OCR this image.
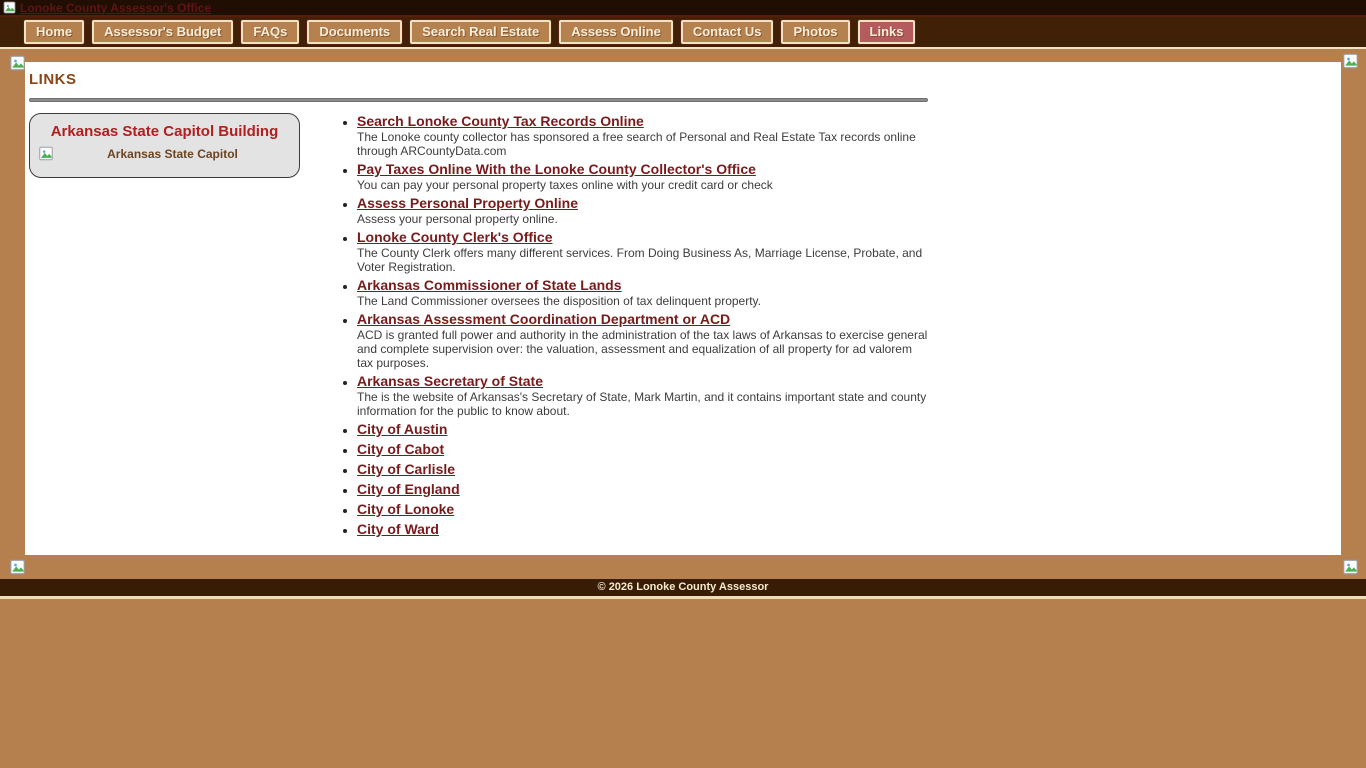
Lonoke County Assessor's Office
Home Assessor's Budget FAQs Documents Search Real Estate Assess Online Contact Us Photos Links
LINKS
Arkansas State Capitol Building
Arkansas State Capitol
• Search Lonoke County Tax Records Online
The Lonoke county collector has sponsored a free search of Personal and Real Estate Tax records online through ARCountyData.com
• Pay Taxes Online With the Lonoke County Collector's Office
You can pay your personal property taxes online with your credit card or check
• Assess Personal Property Online
Assess your personal property online.
• Lonoke County Clerk's Office
The County Clerk offers many different services. From Doing Business As, Marriage License, Probate, and Voter Registration.
• Arkansas Commissioner of State Lands
The Land Commissioner oversees the disposition of tax delinquent property.
• Arkansas Assessment Coordination Department or ACD
ACD is granted full power and authority in the administration of the tax laws of Arkansas to exercise general and complete supervision over: the valuation, assessment and equalization of all property for ad valorem tax purposes.
• Arkansas Secretary of State
The is the website of Arkansas's Secretary of State, Mark Martin, and it contains important state and county information for the public to know about.
• City of Austin
• City of Cabot
• City of Carlisle
• City of England
• City of Lonoke
• City of Ward
© 2026 Lonoke County Assessor
